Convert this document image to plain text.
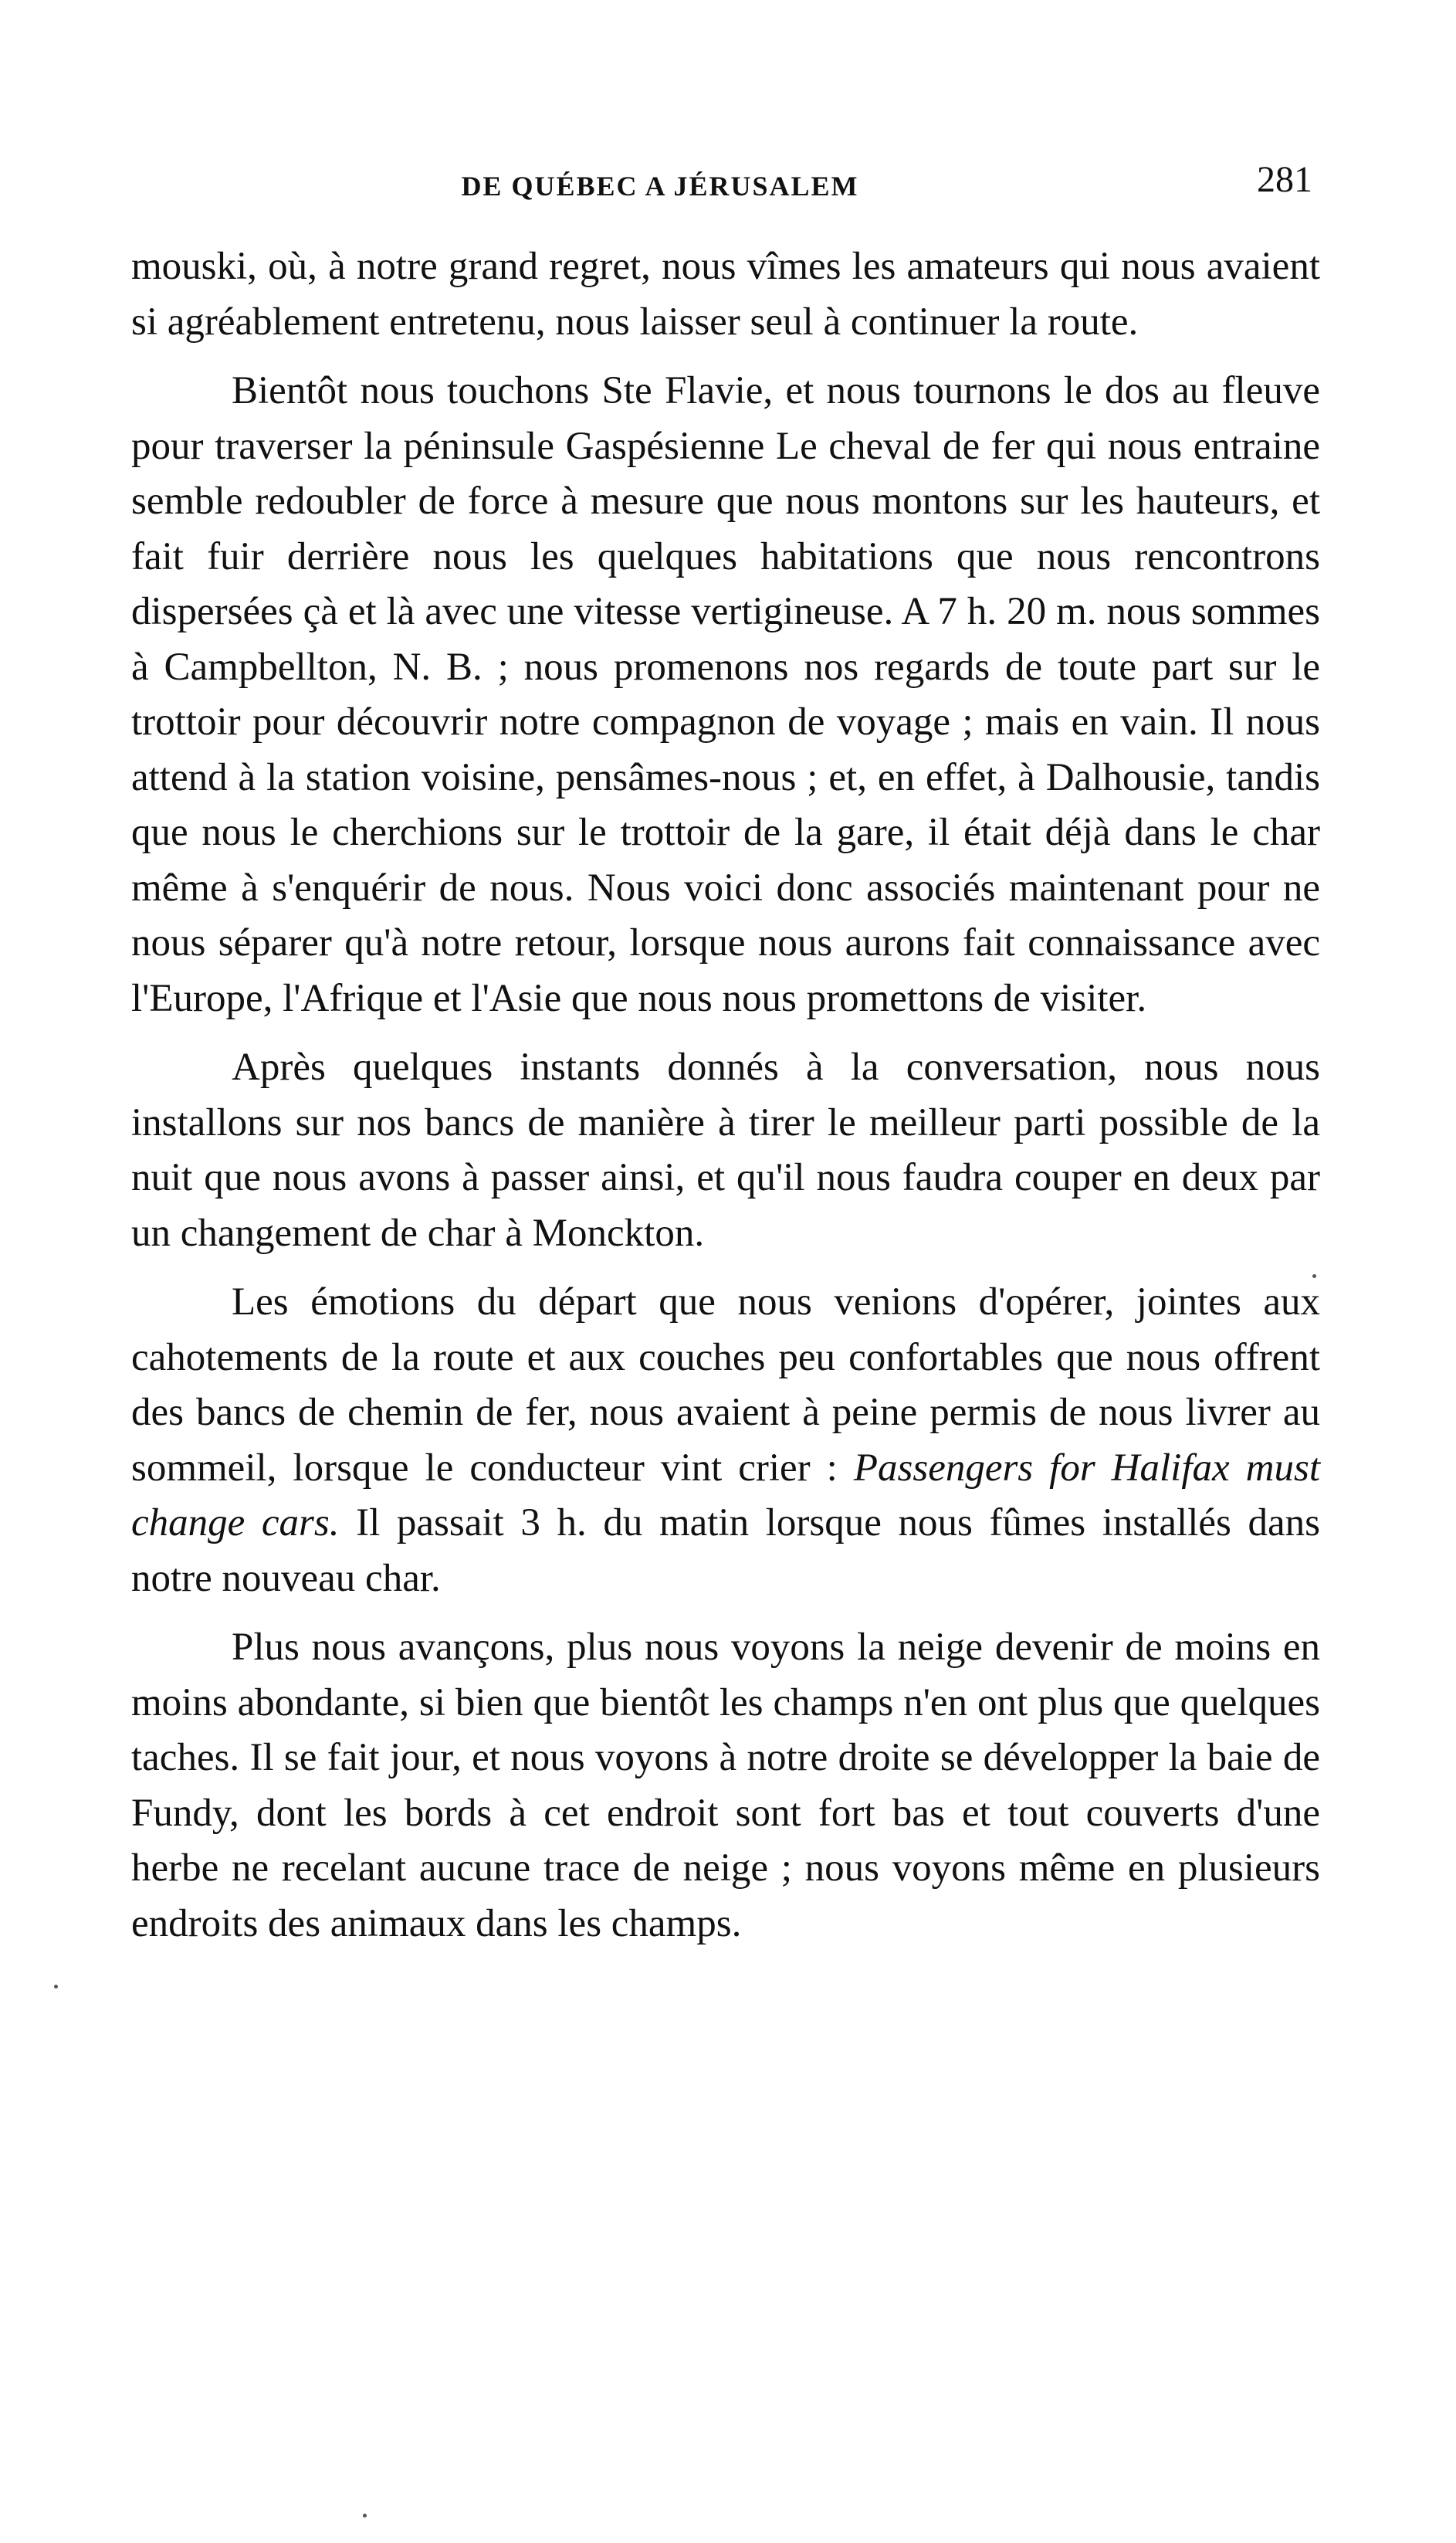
DE QUÉBEC A JÉRUSALEM	281

mouski, où, à notre grand regret, nous vîmes les amateurs qui nous avaient si agréablement entretenu, nous laisser seul à continuer la route.

Bientôt nous touchons Ste Flavie, et nous tournons le dos au fleuve pour traverser la péninsule Gaspésienne Le cheval de fer qui nous entraine semble redoubler de force à mesure que nous montons sur les hauteurs, et fait fuir derrière nous les quelques habitations que nous rencontrons dispersées çà et là avec une vitesse vertigineuse. A 7 h. 20 m. nous sommes à Campbellton, N. B. ; nous promenons nos regards de toute part sur le trottoir pour découvrir notre compagnon de voyage ; mais en vain. Il nous attend à la station voisine, pensâmes-nous ; et, en effet, à Dalhousie, tandis que nous le cherchions sur le trottoir de la gare, il était déjà dans le char même à s'enquérir de nous. Nous voici donc associés maintenant pour ne nous séparer qu'à notre retour, lorsque nous aurons fait connaissance avec l'Europe, l'Afrique et l'Asie que nous nous promettons de visiter.

Après quelques instants donnés à la conversation, nous nous installons sur nos bancs de manière à tirer le meilleur parti possible de la nuit que nous avons à passer ainsi, et qu'il nous faudra couper en deux par un changement de char à Monckton.

Les émotions du départ que nous venions d'opérer, jointes aux cahotements de la route et aux couches peu confortables que nous offrent des bancs de chemin de fer, nous avaient à peine permis de nous livrer au sommeil, lorsque le conducteur vint crier : Passengers for Halifax must change cars. Il passait 3 h. du matin lorsque nous fûmes installés dans notre nouveau char.

Plus nous avançons, plus nous voyons la neige devenir de moins en moins abondante, si bien que bientôt les champs n'en ont plus que quelques taches. Il se fait jour, et nous voyons à notre droite se développer la baie de Fundy, dont les bords à cet endroit sont fort bas et tout couverts d'une herbe ne recelant aucune trace de neige ; nous voyons même en plusieurs endroits des animaux dans les champs.
